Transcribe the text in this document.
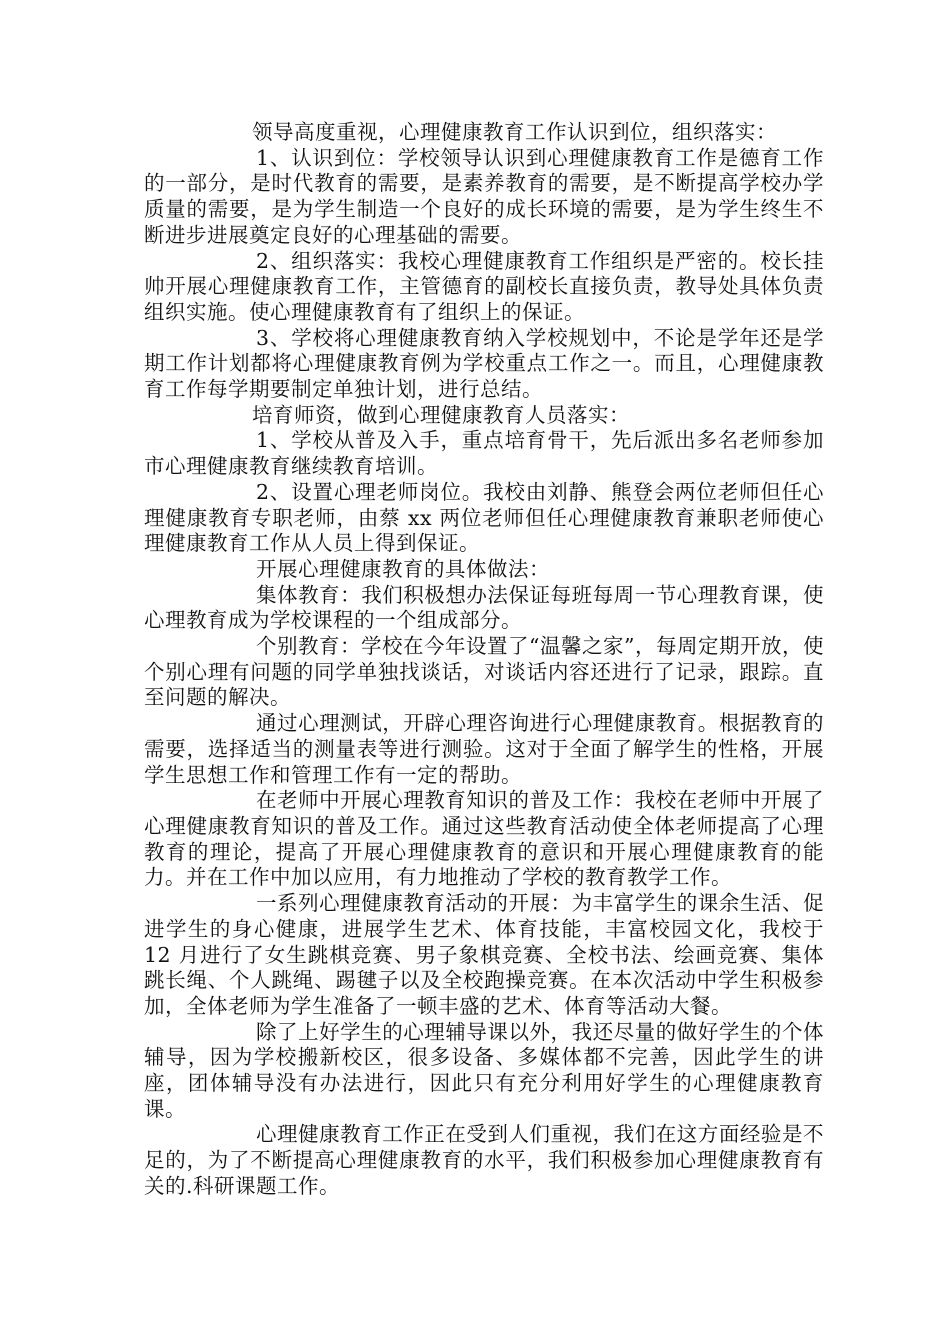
领导高度重视，心理健康教育工作认识到位，组织落实：

1、认识到位：学校领导认识到心理健康教育工作是德育工作的一部分，是时代教育的需要，是素养教育的需要，是不断提高学校办学质量的需要，是为学生制造一个良好的成长环境的需要，是为学生终生不断进步进展奠定良好的心理基础的需要。

2、组织落实：我校心理健康教育工作组织是严密的。校长挂帅开展心理健康教育工作，主管德育的副校长直接负责，教导处具体负责组织实施。使心理健康教育有了组织上的保证。

3、学校将心理健康教育纳入学校规划中，不论是学年还是学期工作计划都将心理健康教育例为学校重点工作之一。而且，心理健康教育工作每学期要制定单独计划，进行总结。

培育师资，做到心理健康教育人员落实：

1、学校从普及入手，重点培育骨干，先后派出多名老师参加市心理健康教育继续教育培训。

2、设置心理老师岗位。我校由刘静、熊登会两位老师但任心理健康教育专职老师，由蔡 xx 两位老师但任心理健康教育兼职老师使心理健康教育工作从人员上得到保证。

开展心理健康教育的具体做法：

集体教育：我们积极想办法保证每班每周一节心理教育课，使心理教育成为学校课程的一个组成部分。

个别教育：学校在今年设置了“温馨之家”，每周定期开放，使个别心理有问题的同学单独找谈话，对谈话内容还进行了记录，跟踪。直至问题的解决。

通过心理测试，开辟心理咨询进行心理健康教育。根据教育的需要，选择适当的测量表等进行测验。这对于全面了解学生的性格，开展学生思想工作和管理工作有一定的帮助。

在老师中开展心理教育知识的普及工作：我校在老师中开展了心理健康教育知识的普及工作。通过这些教育活动使全体老师提高了心理教育的理论，提高了开展心理健康教育的意识和开展心理健康教育的能力。并在工作中加以应用，有力地推动了学校的教育教学工作。

一系列心理健康教育活动的开展：为丰富学生的课余生活、促进学生的身心健康，进展学生艺术、体育技能，丰富校园文化，我校于 12 月进行了女生跳棋竞赛、男子象棋竞赛、全校书法、绘画竞赛、集体跳长绳、个人跳绳、踢毽子以及全校跑操竞赛。在本次活动中学生积极参加，全体老师为学生准备了一顿丰盛的艺术、体育等活动大餐。

除了上好学生的心理辅导课以外，我还尽量的做好学生的个体辅导，因为学校搬新校区，很多设备、多媒体都不完善，因此学生的讲座，团体辅导没有办法进行，因此只有充分利用好学生的心理健康教育课。

心理健康教育工作正在受到人们重视，我们在这方面经验是不足的，为了不断提高心理健康教育的水平，我们积极参加心理健康教育有关的.科研课题工作。
